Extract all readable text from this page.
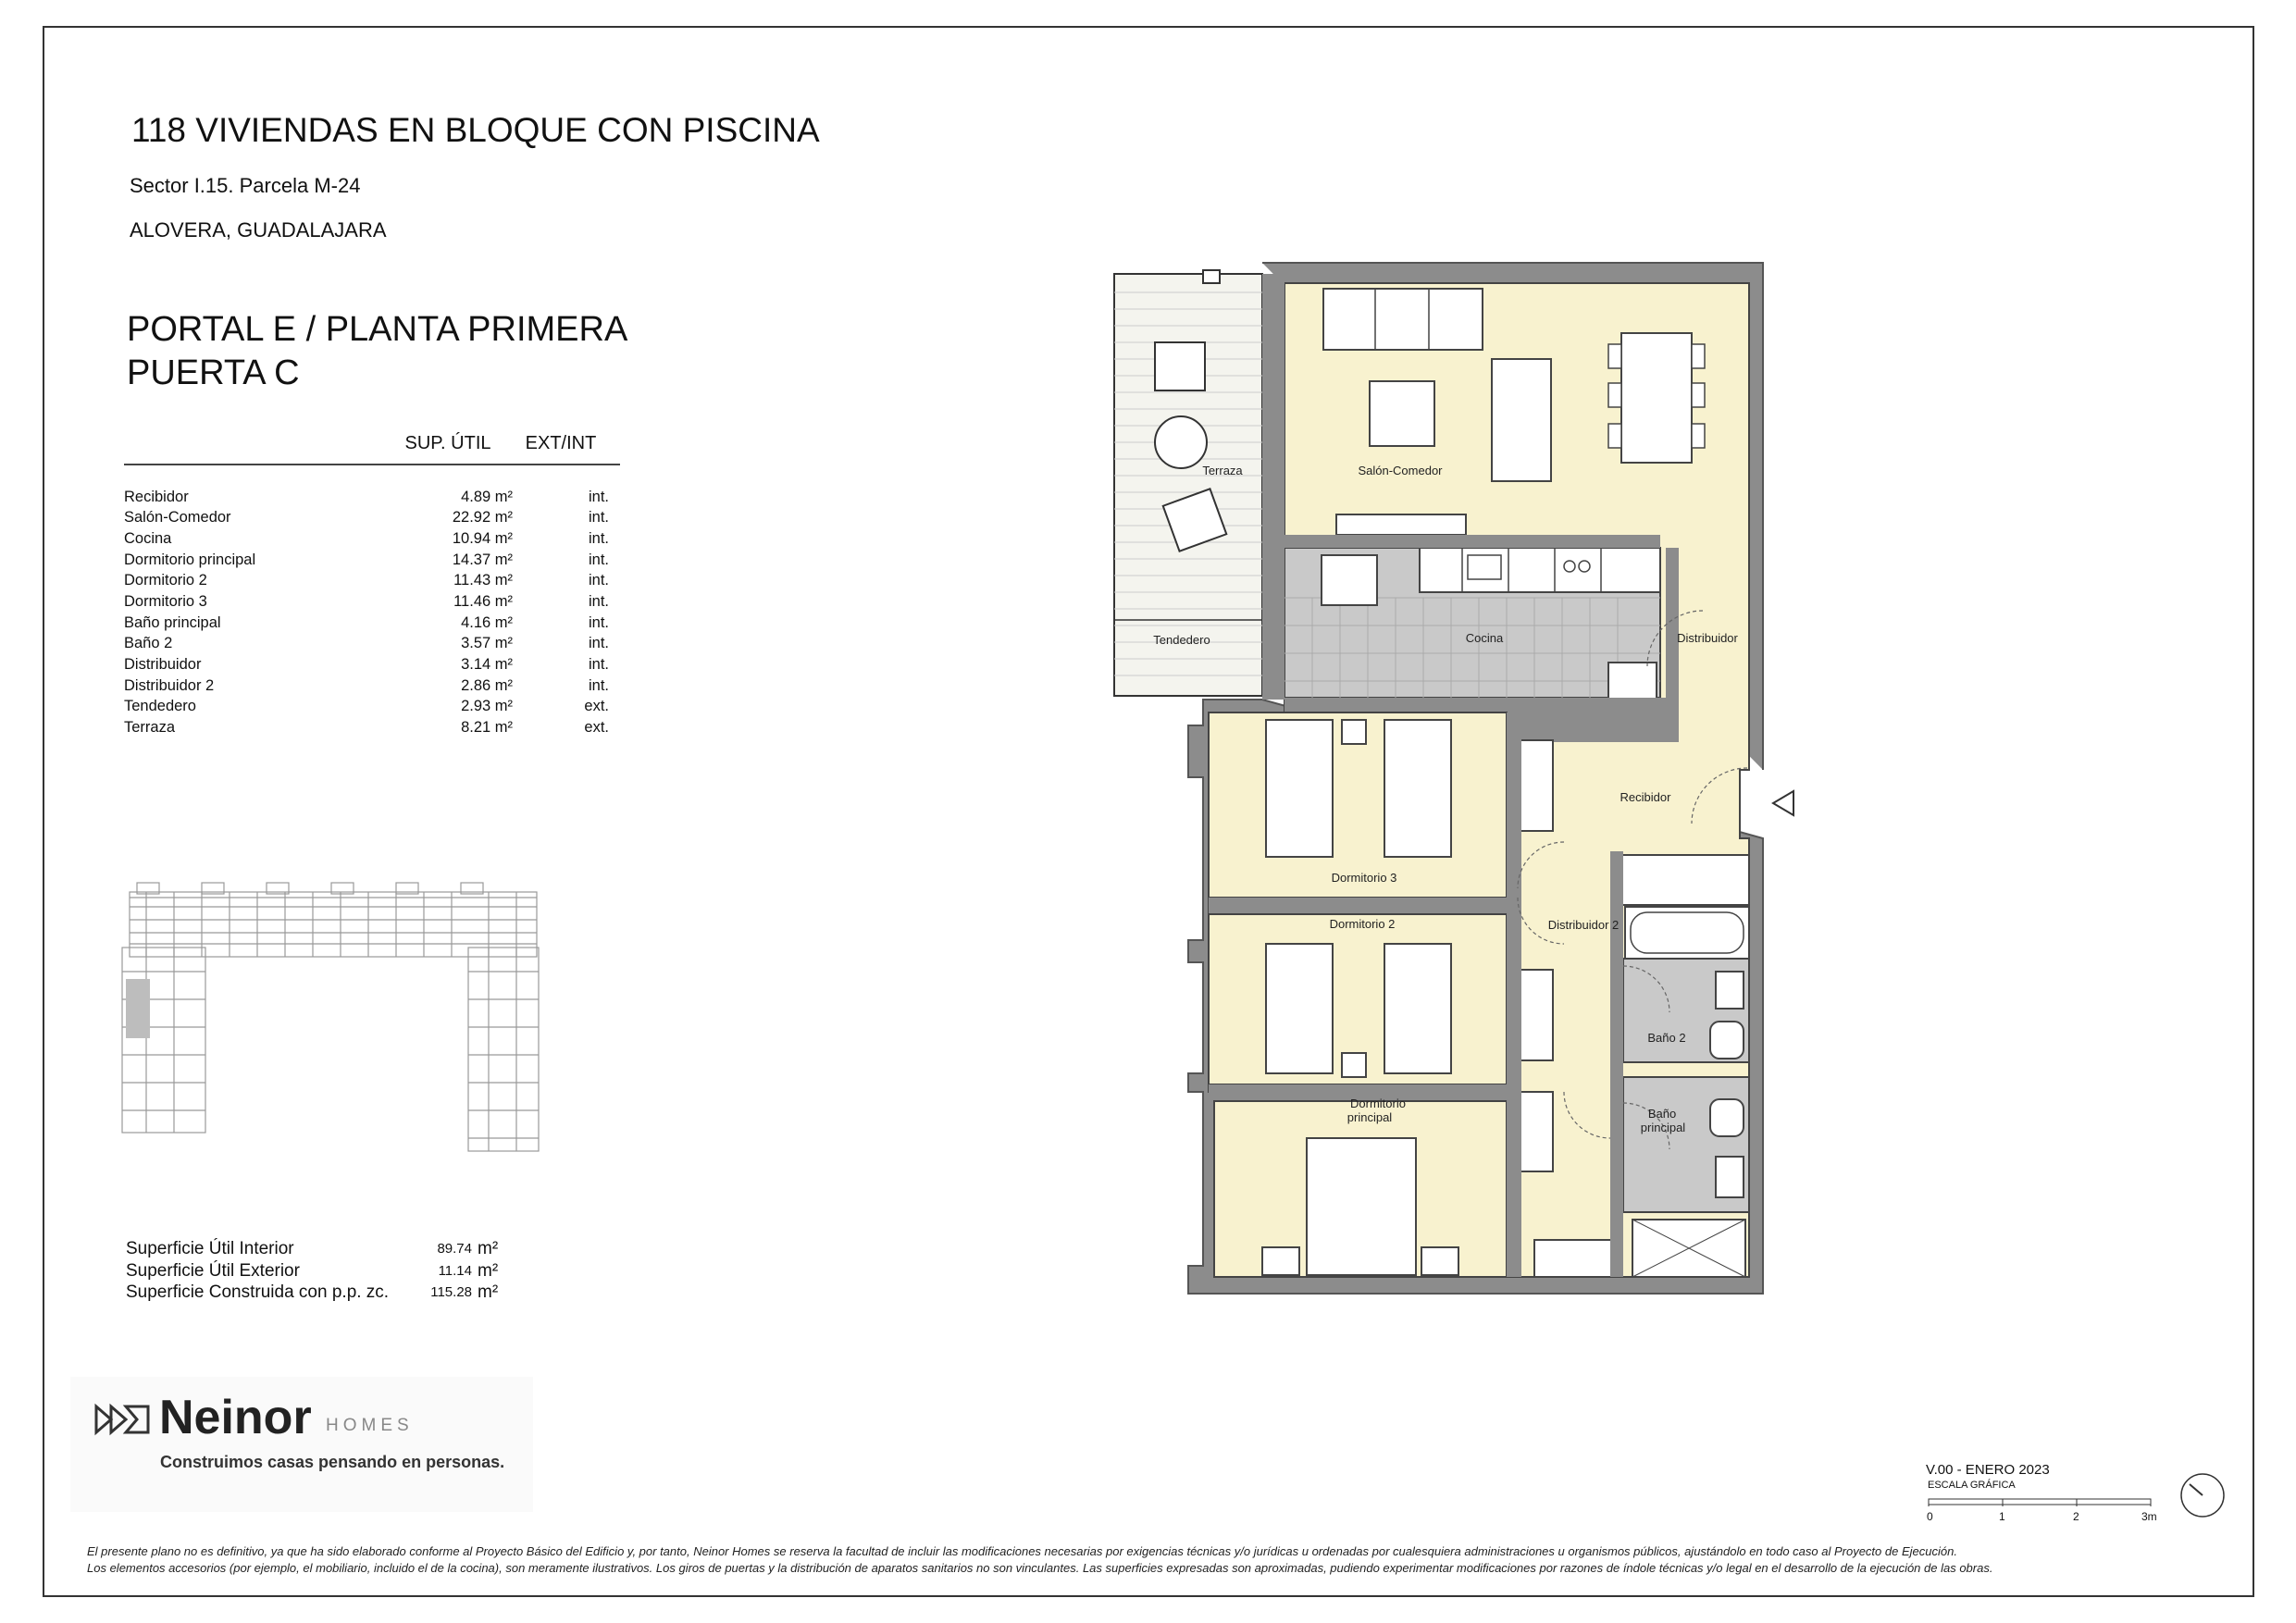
118 VIVIENDAS EN BLOQUE CON PISCINA
Sector I.15. Parcela M-24
ALOVERA, GUADALAJARA
PORTAL E / PLANTA PRIMERA
PUERTA C
	SUP. ÚTIL	EXT/INT

Recibidor	4.89 m²	int.
Salón-Comedor	22.92 m²	int.
Cocina	10.94 m²	int.
Dormitorio principal	14.37 m²	int.
Dormitorio 2	11.43 m²	int.
Dormitorio 3	11.46 m²	int.
Baño principal	4.16 m²	int.
Baño 2	3.57 m²	int.
Distribuidor	3.14 m²	int.
Distribuidor 2	2.86 m²	int.
Tendedero	2.93 m²	ext.
Terraza	8.21 m²	ext.
Superficie Útil Interior	89.74 m²
Superficie Útil Exterior	11.14 m²
Superficie Construida con p.p. zc.	115.28 m²
Neinor HOMES
Construimos casas pensando en personas.
Terraza	Salón-Comedor
Tendedero	Cocina	Distribuidor
Recibidor
Dormitorio 3
Distribuidor 2
Dormitorio 2
Baño 2
Dormitorio
principal	Baño
principal
V.00 - ENERO 2023
ESCALA GRÁFICA
0	1	2	3m
El presente plano no es definitivo, ya que ha sido elaborado conforme al Proyecto Básico del Edificio y, por tanto, Neinor Homes se reserva la facultad de incluir las modificaciones necesarias por exigencias técnicas y/o jurídicas u ordenadas por cualesquiera administraciones u organismos públicos, ajustándolo en todo caso al Proyecto de Ejecución.
Los elementos accesorios (por ejemplo, el mobiliario, incluido el de la cocina), son meramente ilustrativos. Los giros de puertas y la distribución de aparatos sanitarios no son vinculantes. Las superficies expresadas son aproximadas, pudiendo experimentar modificaciones por razones de índole técnicas y/o legal en el desarrollo de la ejecución de las obras.
